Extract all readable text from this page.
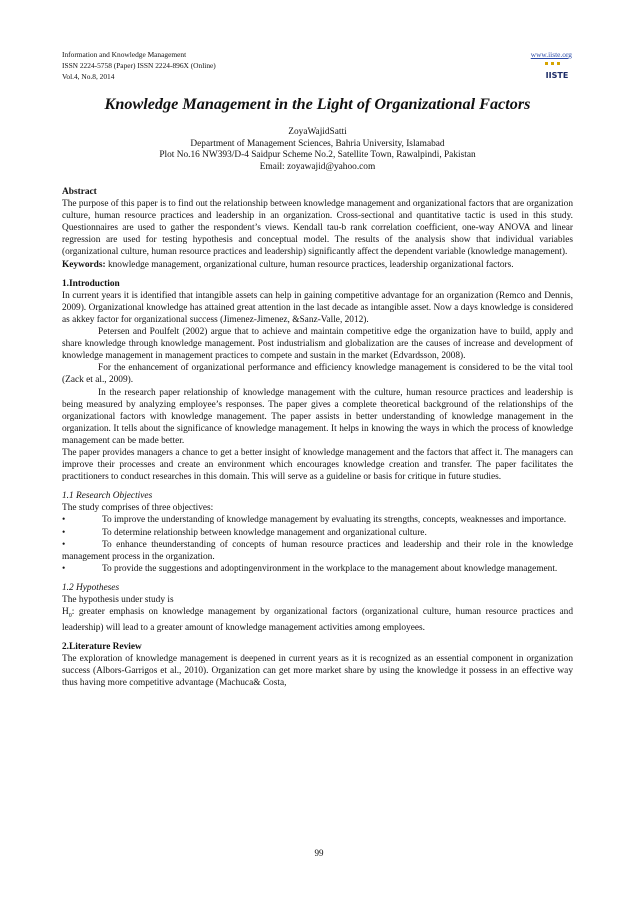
Information and Knowledge Management
ISSN 2224-5758 (Paper) ISSN 2224-896X (Online)
Vol.4, No.8, 2014
www.iiste.org
IISTE
Knowledge Management in the Light of Organizational Factors
ZoyaWajidSatti
Department of Management Sciences, Bahria University, Islamabad
Plot No.16 NW393/D-4 Saidpur Scheme No.2, Satellite Town, Rawalpindi, Pakistan
Email: zoyawajid@yahoo.com

Abstract

The purpose of this paper is to find out the relationship between knowledge management and organizational factors that are organization culture, human resource practices and leadership in an organization. Cross-sectional and quantitative tactic is used in this study. Questionnaires are used to gather the respondent’s views. Kendall tau-b rank correlation coefficient, one-way ANOVA and linear regression are used for testing hypothesis and conceptual model. The results of the analysis show that individual variables (organizational culture, human resource practices and leadership) significantly affect the dependent variable (knowledge management).

Keywords: knowledge management, organizational culture, human resource practices, leadership organizational factors.

1.Introduction

In current years it is identified that intangible assets can help in gaining competitive advantage for an organization (Remco and Dennis, 2009). Organizational knowledge has attained great attention in the last decade as intangible asset. Now a days knowledge is considered as akkey factor for organizational success (Jimenez-Jimenez, &Sanz-Valle, 2012).

Petersen and Poulfelt (2002) argue that to achieve and maintain competitive edge the organization have to build, apply and share knowledge through knowledge management. Post industrialism and globalization are the causes of increase and development of knowledge management in management practices to compete and sustain in the market (Edvardsson, 2008).

For the enhancement of organizational performance and efficiency knowledge management is considered to be the vital tool (Zack et al., 2009).

In the research paper relationship of knowledge management with the culture, human resource practices and leadership is being measured by analyzing employee’s responses. The paper gives a complete theoretical background of the relationships of the organizational factors with knowledge management. The paper assists in better understanding of knowledge management in the organization. It tells about the significance of knowledge management. It helps in knowing the ways in which the process of knowledge management can be made better.

The paper provides managers a chance to get a better insight of knowledge management and the factors that affect it. The managers can improve their processes and create an environment which encourages knowledge creation and transfer. The paper facilitates the practitioners to conduct researches in this domain. This will serve as a guideline or basis for critique in future studies.

1.1 Research Objectives

The study comprises of three objectives:

•	To improve the understanding of knowledge management by evaluating its strengths, concepts, weaknesses and importance.

•	To determine relationship between knowledge management and organizational culture.

•	To enhance theunderstanding of concepts of human resource practices and leadership and their role in the knowledge management process in the organization.

•	To provide the suggestions and adoptingenvironment in the workplace to the management about knowledge management.

1.2 Hypotheses

The hypothesis under study is

$H_0$: greater emphasis on knowledge management by organizational factors (organizational culture, human resource practices and leadership) will lead to a greater amount of knowledge management activities among employees.

2.Literature Review

The exploration of knowledge management is deepened in current years as it is recognized as an essential component in organization success (Albors-Garrigos et al., 2010). Organization can get more market share by using the knowledge it possess in an effective way thus having more competitive advantage (Machuca& Costa,

99
